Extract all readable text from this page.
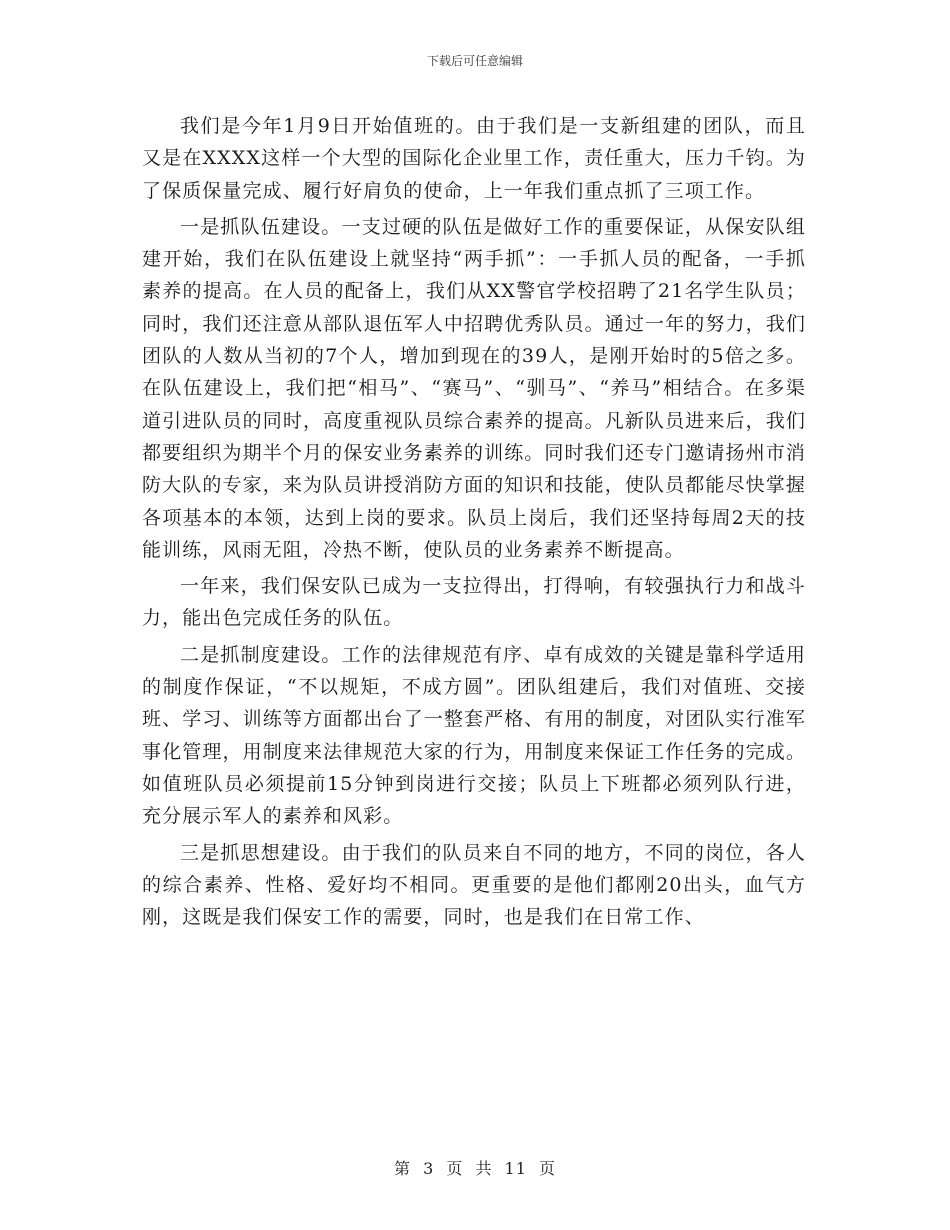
下载后可任意编辑

我们是今年1月9日开始值班的。由于我们是一支新组建的团队，而且又是在XXXX这样一个大型的国际化企业里工作，责任重大，压力千钧。为了保质保量完成、履行好肩负的使命，上一年我们重点抓了三项工作。

一是抓队伍建设。一支过硬的队伍是做好工作的重要保证，从保安队组建开始，我们在队伍建设上就坚持“两手抓”：一手抓人员的配备，一手抓素养的提高。在人员的配备上，我们从XX警官学校招聘了21名学生队员；同时，我们还注意从部队退伍军人中招聘优秀队员。通过一年的努力，我们团队的人数从当初的7个人，增加到现在的39人，是刚开始时的5倍之多。在队伍建设上，我们把“相马”、“赛马”、“驯马”、“养马”相结合。在多渠道引进队员的同时，高度重视队员综合素养的提高。凡新队员进来后，我们都要组织为期半个月的保安业务素养的训练。同时我们还专门邀请扬州市消防大队的专家，来为队员讲授消防方面的知识和技能，使队员都能尽快掌握各项基本的本领，达到上岗的要求。队员上岗后，我们还坚持每周2天的技能训练，风雨无阻，冷热不断，使队员的业务素养不断提高。

一年来，我们保安队已成为一支拉得出，打得响，有较强执行力和战斗力，能出色完成任务的队伍。

二是抓制度建设。工作的法律规范有序、卓有成效的关键是靠科学适用的制度作保证，“不以规矩，不成方圆”。团队组建后，我们对值班、交接班、学习、训练等方面都出台了一整套严格、有用的制度，对团队实行准军事化管理，用制度来法律规范大家的行为，用制度来保证工作任务的完成。如值班队员必须提前15分钟到岗进行交接；队员上下班都必须列队行进，充分展示军人的素养和风彩。

三是抓思想建设。由于我们的队员来自不同的地方，不同的岗位，各人的综合素养、性格、爱好均不相同。更重要的是他们都刚20出头，血气方刚，这既是我们保安工作的需要，同时，也是我们在日常工作、

第 3 页 共 11 页
